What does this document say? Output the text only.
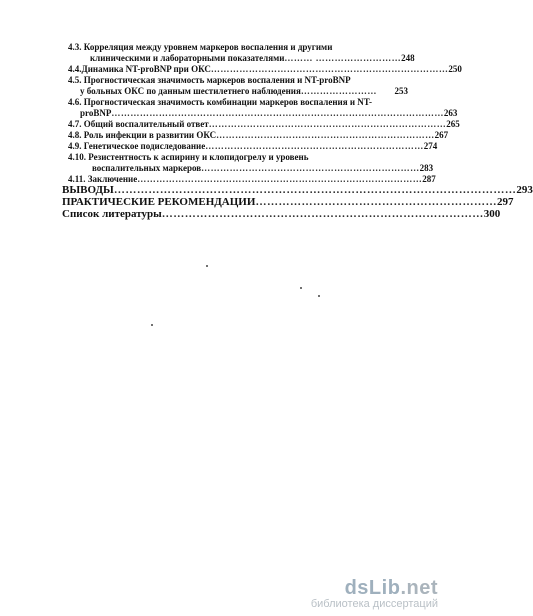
4.3. Корреляция между уровнем маркеров воспаления и другими
клиническими и лабораторными показателями ……… ……………………… 248
4.4.Динамика NT-proBNP при ОКС ………………………………………………………………… 250
4.5. Прогностическая значимость маркеров воспаления и NT-proBNP
у больных ОКС по данным шестилетнего наблюдения ……………………	253
4.6. Прогностическая значимость комбинации маркеров воспаления и NT-
proBNP …………………………………………………………………………………………… 263
4.7. Общий воспалительный ответ ………………………………………………………………… 265
4.8. Роль инфекции в развитии ОКС …………………………………………………………… 267
4.9. Генетическое подиследование …………………………………………………………… 274
4.10. Резистентность к аспирину и клопидогрелу и уровень
воспалительных маркеров …………………………………………………………… 283
4.11. Заключение ……………………………………………………………………………… 287
ВЫВОДЫ …………………………………………………………………………………………… 293
ПРАКТИЧЕСКИЕ РЕКОМЕНДАЦИИ ……………………………………………………… 297
Список литературы ………………………………………………………………………… 300
dsLib.net
библиотека диссертаций
